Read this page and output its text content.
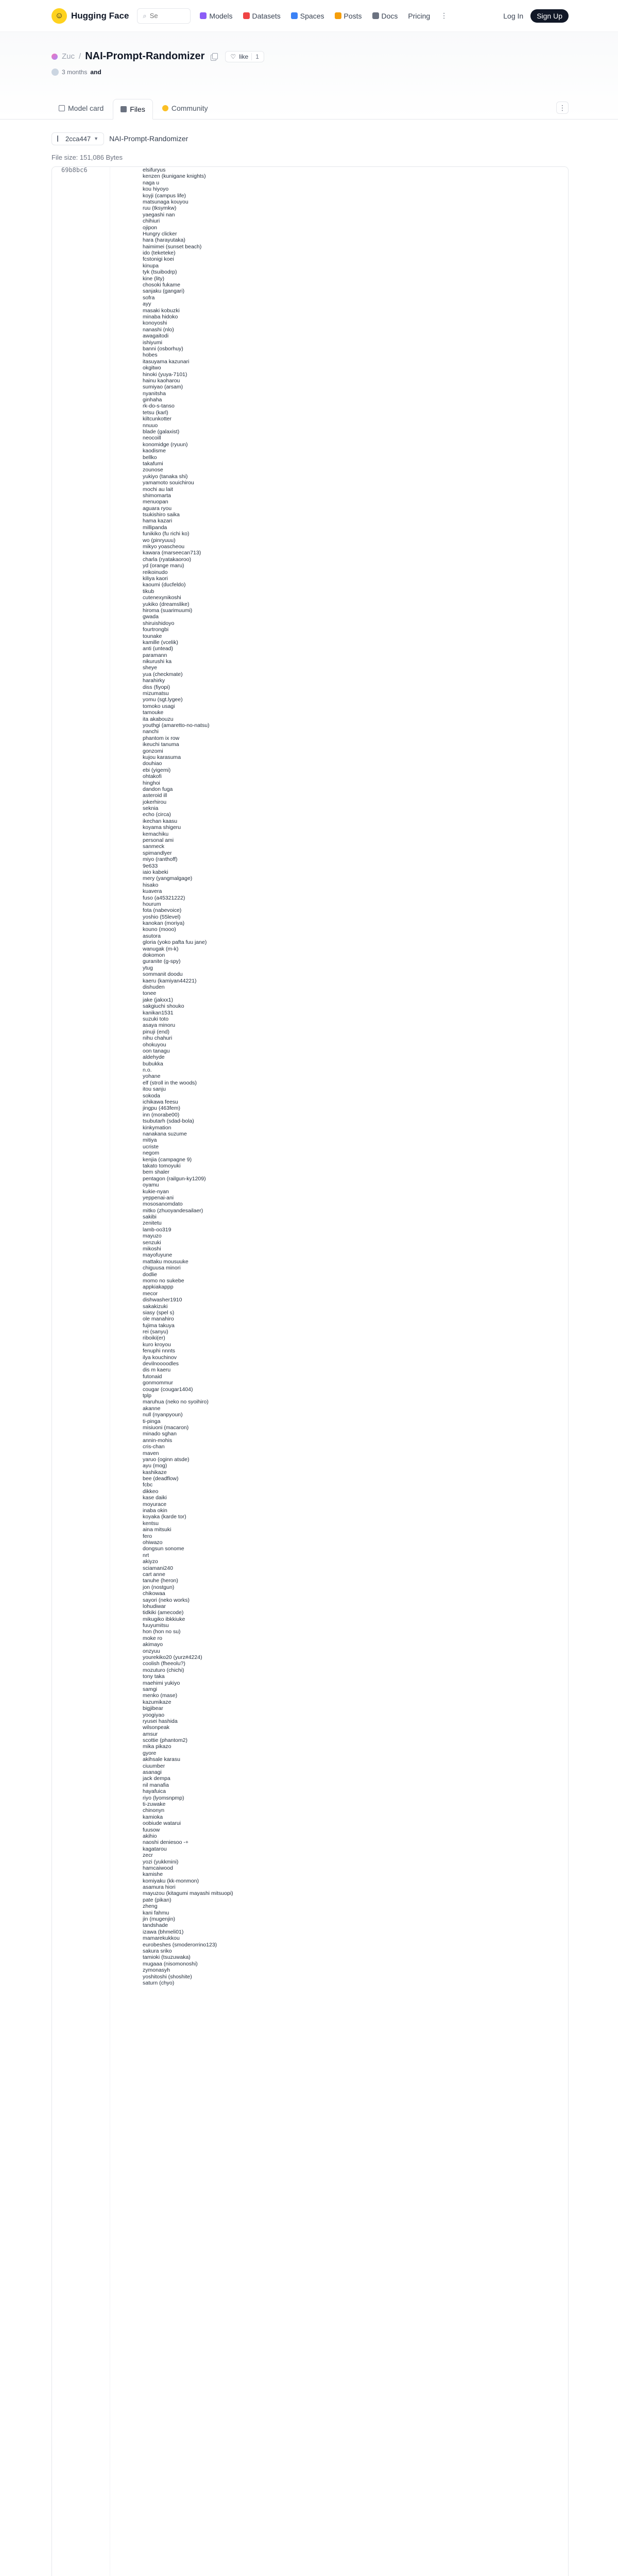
☺ Hugging Face ⌕
Se	Models	Datasets	Spaces	Posts	Docs Pricing ⋮	Log In	Sign Up
Zuc / NAI-Prompt-Randomizer	♡ like	1
3 months and
Model card	Files	Community	⋮
2cca447 ▼ NAI-Prompt-Randomizer
File size: 151,086 Bytes
69b8bc6	elsifuryus
kenzen (kunigane knights)
naga u
kou hiyoyo
koyji (campus life)
matsunaga kouyou
ruu (tksymkw)
yaegashi nan
chihiuri
ojipon
Hungry clicker
hara (harayutaka)
haimimei (sunset beach)
ido (teketeke)
fcstonigi koei
kinupa
tyk (tsuibodrp)
kine (lity)
chosoki fukame
sanjaku (gangari)
sofra
ayy
masaki kobuzki
minaba hidoko
konoyoshi
nanashi (nlo)
awagaitodi
ishiyumi
banni (osborhuy)
hobes
itasuyama kazunari
okgitwo
hinoki (yuya-7101)
hainu kaoharou
sumiyao (arsam)
nyanitsha
ginhaha
rk-do-s-tanso
tetsu (karl)
kiltcunkotter
nnuuo
blade (galaxist)
neocoill
konomidge (ryuun)
kaodisme
bellko
takafumi
zounose
yukiyo (tanaka shi)
yamamoto souichirou
mochi au lait
shimomarta
menuopan
aguara ryou
tsukishiro saika
hama kazari
millipanda
funikiko (fu richi ko)
wo (pinryuuu)
mikyo yoascheou
kawara (marseecan713)
charla (ryatakaoroo)
yd (orange maru)
reikoinudo
kiliya kaori
kaoumi (ducfeldo)
tikub
cutenexynikoshi
yukiko (dreamslike)
hiroma (suarimuumi)
gwada
shiruishidoyo
fourtrongbi
tounake
kamille (vcelik)
anti (untead)
paramann
nikurushi ka
sheye
yua (checkmate)
harahirky
diss (fiyopi)
mizumatsu
yomu (sgt.lygee)
tomoko usagi
tamouke
ita akabouzu
youthgi (amaretto-no-natsu)
nanchi
phantom ix row
ikeuchi tanuma
gonzomi
kujou karasuma
douhiao
ebi (yigemi)
ohtakofi
hinghoi
dandon fuga
asteroid ill
jokerhirou
seknia
echo (circa)
ikechan kaasu
koyama shigeru
kemachiku
personal ami
sanmeck
spimandlyer
miyo (ranthoff)
9e633
iaio kabeki
mery (yangmalgage)
hisako
kuavera
fuso (a45321222)
hourum
fota (nabevoice)
yoshio (55level)
kanokan (moriya)
kouno (mooo)
asutora
gloria (yoko pafta fuu jane)
wanugak (m-k)
dokomon
guranite (g-spy)
ytug
sommanit doodu
kaeru (kamiyan44221)
dishuden
tonee
jake (jakxx1)
sakgiuchi shouko
kanikan1531
suzuki toto
asaya minoru
pinuji (end)
nihu chahuri
ohokuyou
oon tanagu
aldehyde
bubukka
n.o.
yohane
elf (stroll in the woods)
itou sanju
sokoda
ichikawa feesu
jingpu (463fem)
inn (morabe00)
tsubutarh (sdad-bola)
kinkymation
nanakana suzume
mitiya
ucriste
negom
kenjia (campagne 9)
takato tomoyuki
bem shaler
pentagon (railgun-ky1209)
oyamu
kukie-nyan
yeppenai-ani
mososanomdato
mitko (zhuoyandesailaer)
sakibi
zenitetu
lamb-oo319
mayuzo
senzuki
mikoshi
mayofuyune
mattaku mousuuke
chiguusa minori
dodlie
momo no sukebe
appkiakappp
mecor
dishwasher1910
sakakizuki
siasy (spel s)
ole manahiro
fujima takuya
rei (sanyu)
riboiki(er)
kuro kroyou
fenuphi nnnts
ilya kouchinov
devilnoooodles
dis m kaeru
futonaid
gonmommur
cougar (cougar1404)
tplp
maruhua (neko no syoihiro)
akanne
null (nyanpyoun)
ti-pinga
misiuoni (macaron)
minado sghan
annin-mohis
cris-chan
maven
yaruo (oginn atsde)
ayu (mog)
kashikaze
bee (deadflow)
fcbc
dikkeo
kase daiki
moyurace
inaba okin
koyaka (karde tor)
kentsu
aina mitsuki
fero
ohiwazo
dongsun sonome
nrt
akiyzo
sciamani240
cart anne
tanuhe (heron)
jon (nostgun)
chikowaa
sayori (neko works)
lohudiwar
tidkiki (amecode)
mikugiko ibkkiuke
fuuyumitsu
hon (hon no su)
moke ro
akimayo
onzyuu
yourekiko20 (yurz#4224)
coolish (fheeolu?)
mozuturo (chichi)
tony taka
maehimi yukiyo
samgi
menko (mase)
kazumikaze
bigjibear
yoogiyao
ryusei hashida
wilsonpeak
amsur
scottie (phantom2)
mika pikazo
gyore
akihsale karasu
ciuumber
asanagi
jack dempa
nil manafia
hayafuica
riyo (lyomsnpmp)
ti-zuwake
chinonyn
kamioka
oobiude watarui
fuusow
akihio
naoshi deniesoo -+
kagatarou
zecr
yozi (yukkmini)
hamcaiwood
kamishe
komiyaku (kk-monmon)
asamura hiori
mayuzou (kitagumi mayashi mitsuopi)
pate (pikan)
zheng
kani fahmu
jin (mugenjin)
tandshade
izawa (bhmeli01)
mamarekukkou
eurobeshes (smoderorrino123)
sakura sriko
tamioki (tsuzuwaka)
mugaaa (nisomonoshi)
zymonasyh
yoshitoshi (shoshite)
saturn (chyo)
